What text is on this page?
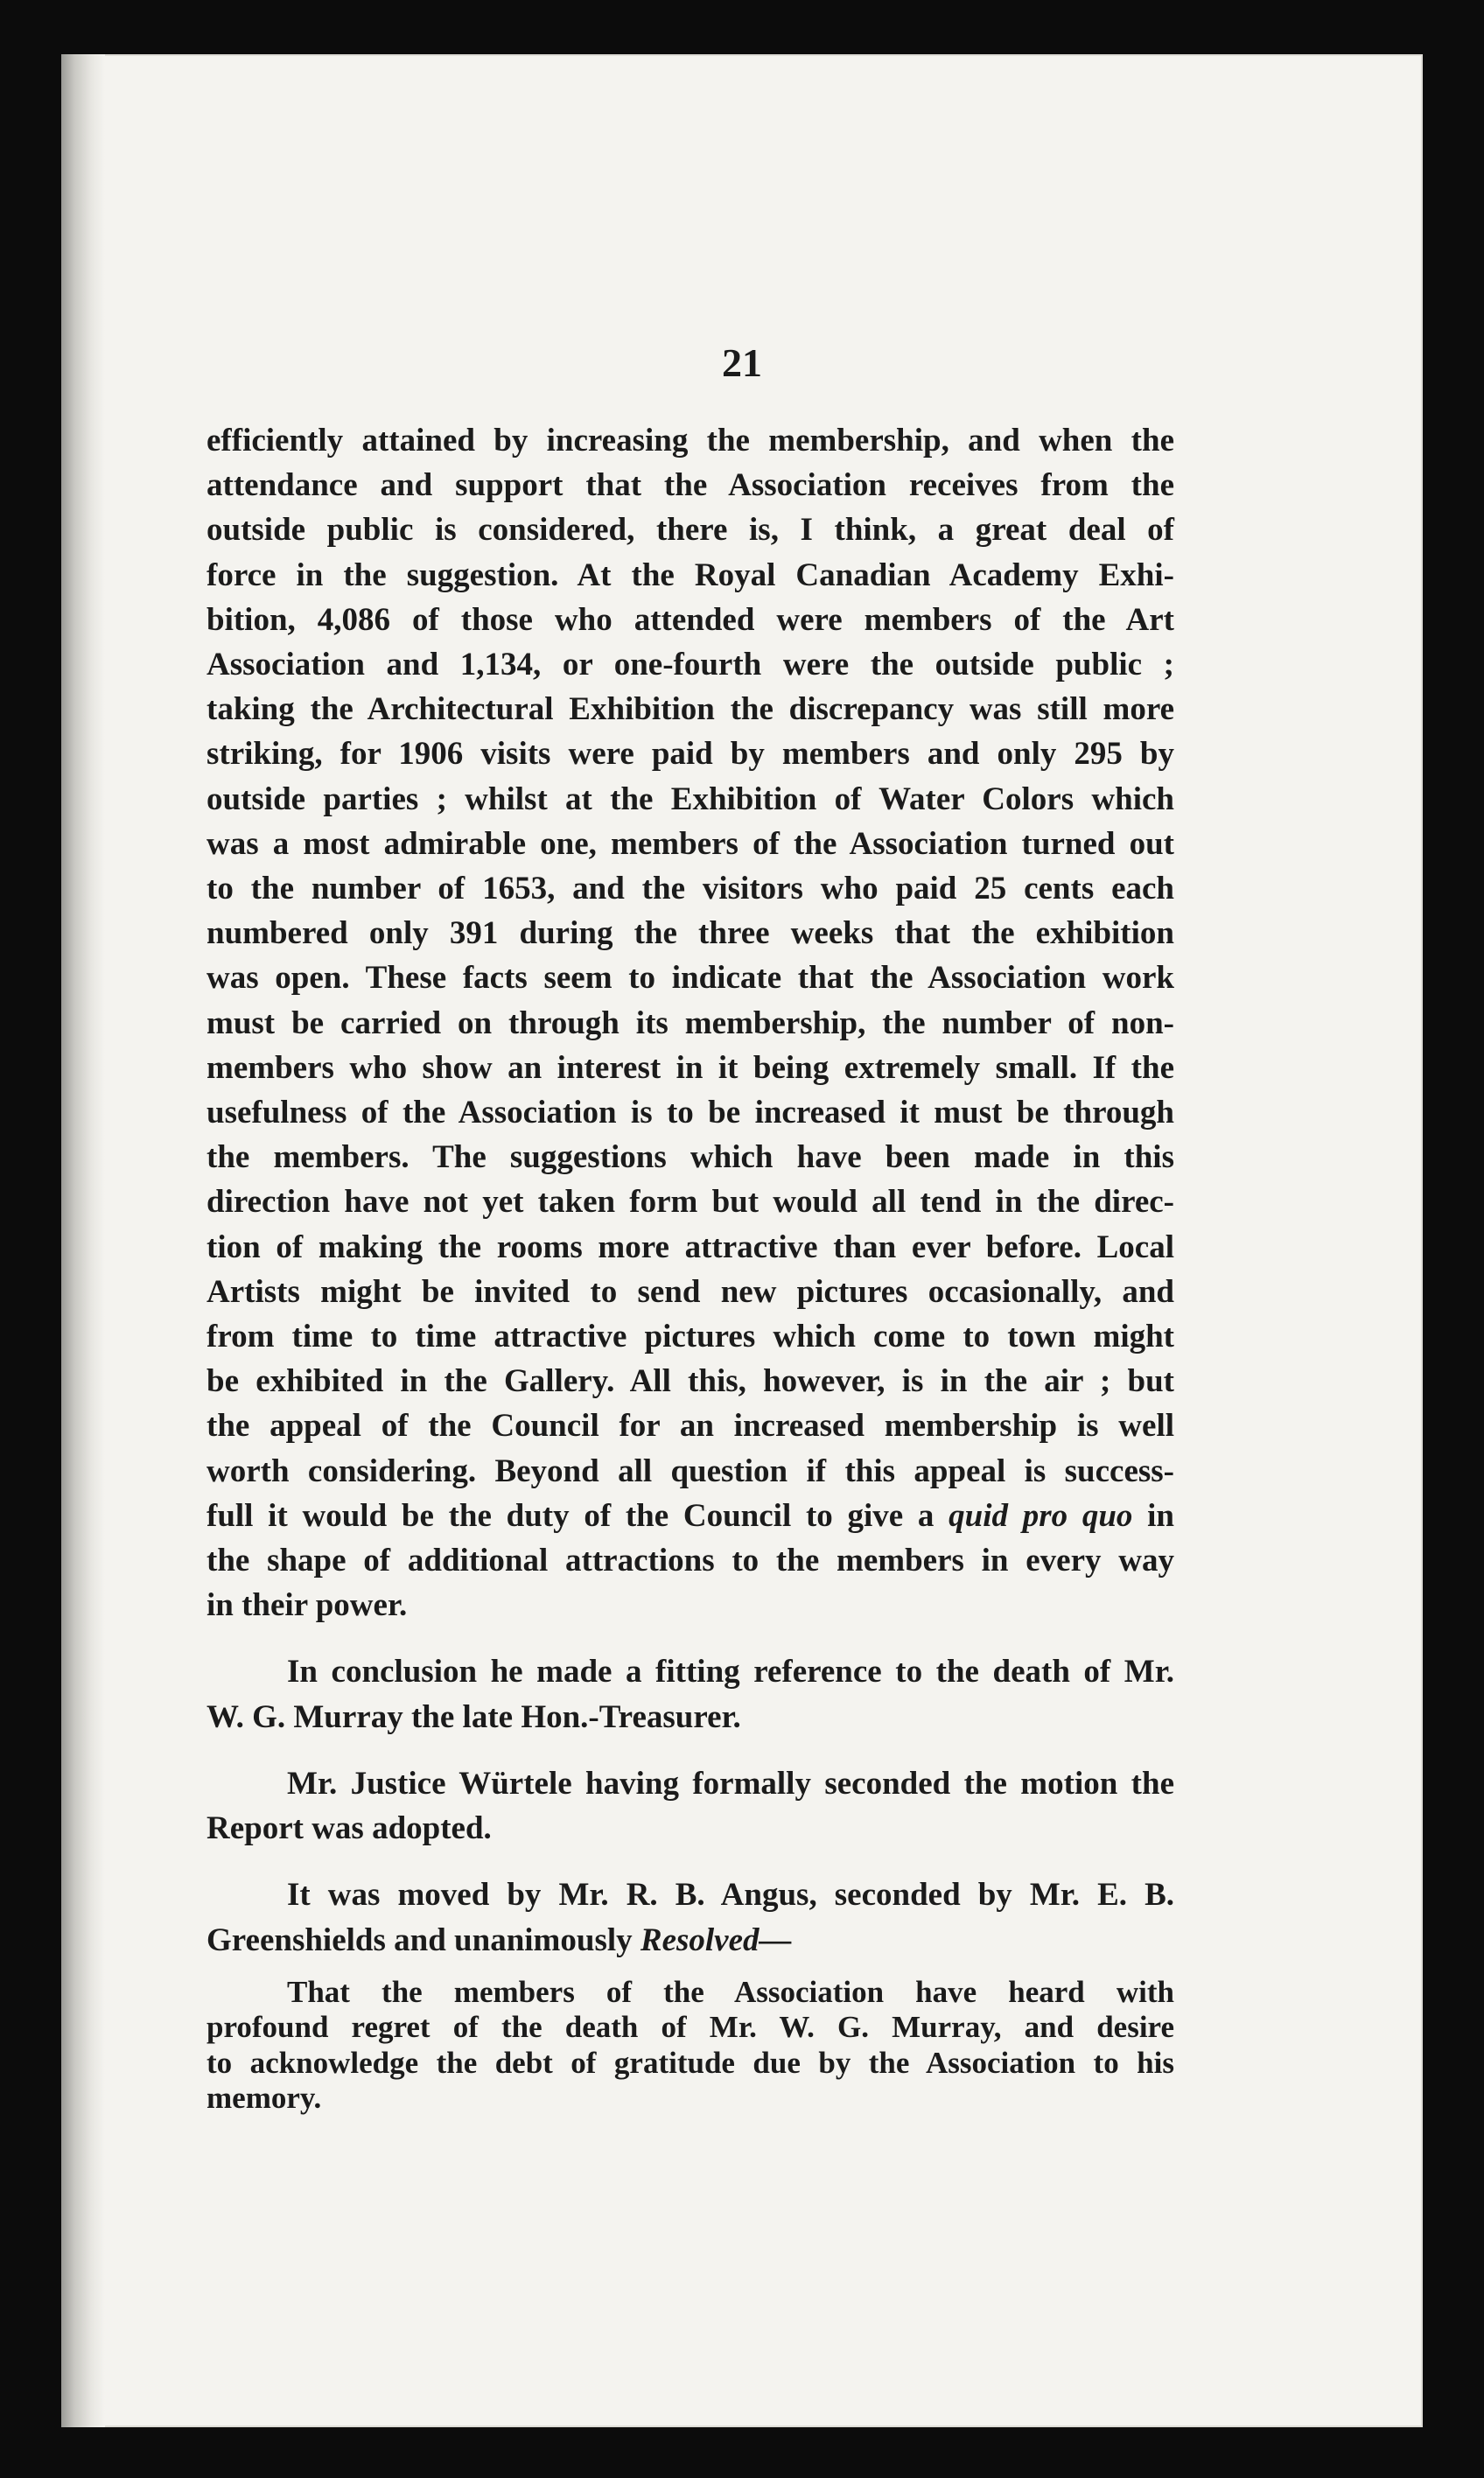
21
efficiently attained by increasing the membership, and when the
attendance and support that the Association receives from the
outside public is considered, there is, I think, a great deal of
force in the suggestion. At the Royal Canadian Academy Exhi-
bition, 4,086 of those who attended were members of the Art
Association and 1,134, or one-fourth were the outside public ;
taking the Architectural Exhibition the discrepancy was still more
striking, for 1906 visits were paid by members and only 295 by
outside parties ; whilst at the Exhibition of Water Colors which
was a most admirable one, members of the Association turned out
to the number of 1653, and the visitors who paid 25 cents each
numbered only 391 during the three weeks that the exhibition
was open. These facts seem to indicate that the Association work
must be carried on through its membership, the number of non-
members who show an interest in it being extremely small. If the
usefulness of the Association is to be increased it must be through
the members. The suggestions which have been made in this
direction have not yet taken form but would all tend in the direc-
tion of making the rooms more attractive than ever before. Local
Artists might be invited to send new pictures occasionally, and
from time to time attractive pictures which come to town might
be exhibited in the Gallery. All this, however, is in the air ; but
the appeal of the Council for an increased membership is well
worth considering. Beyond all question if this appeal is success-
full it would be the duty of the Council to give a quid pro quo in
the shape of additional attractions to the members in every way
in their power.
In conclusion he made a fitting reference to the death of Mr.
W. G. Murray the late Hon.-Treasurer.
Mr. Justice Würtele having formally seconded the motion the
Report was adopted.
It was moved by Mr. R. B. Angus, seconded by Mr. E. B.
Greenshields and unanimously Resolved—
That the members of the Association have heard with
profound regret of the death of Mr. W. G. Murray, and desire
to acknowledge the debt of gratitude due by the Association to his
memory.
